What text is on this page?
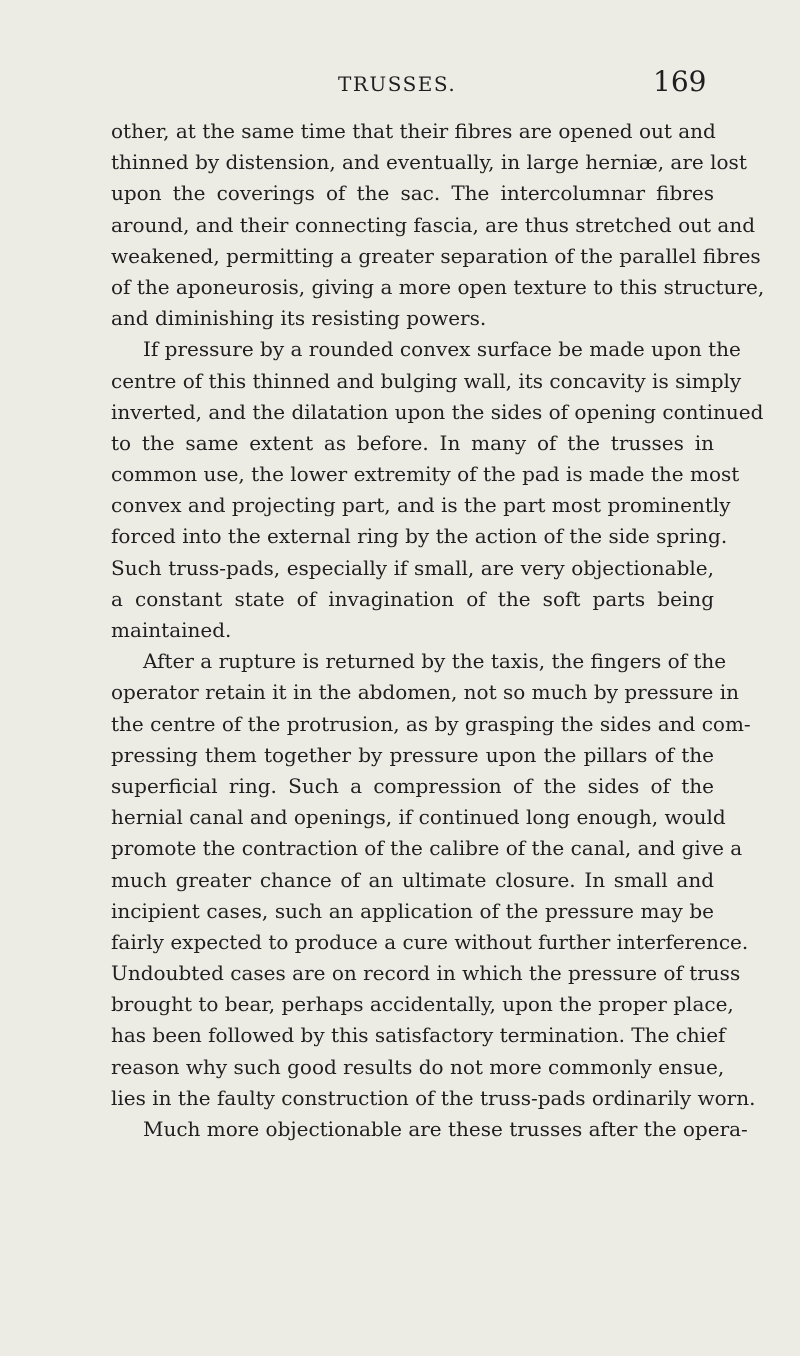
TRUSSES.	169
other, at the same time that their fibres are opened out and
thinned by distension, and eventually, in large herniæ, are lost
upon the coverings of the sac. The intercolumnar fibres
around, and their connecting fascia, are thus stretched out and
weakened, permitting a greater separation of the parallel fibres
of the aponeurosis, giving a more open texture to this structure,
and diminishing its resisting powers.
If pressure by a rounded convex surface be made upon the
centre of this thinned and bulging wall, its concavity is simply
inverted, and the dilatation upon the sides of opening continued
to the same extent as before. In many of the trusses in
common use, the lower extremity of the pad is made the most
convex and projecting part, and is the part most prominently
forced into the external ring by the action of the side spring.
Such truss-pads, especially if small, are very objectionable,
a constant state of invagination of the soft parts being
maintained.
After a rupture is returned by the taxis, the fingers of the
operator retain it in the abdomen, not so much by pressure in
the centre of the protrusion, as by grasping the sides and com-
pressing them together by pressure upon the pillars of the
superficial ring. Such a compression of the sides of the
hernial canal and openings, if continued long enough, would
promote the contraction of the calibre of the canal, and give a
much greater chance of an ultimate closure. In small and
incipient cases, such an application of the pressure may be
fairly expected to produce a cure without further interference.
Undoubted cases are on record in which the pressure of truss
brought to bear, perhaps accidentally, upon the proper place,
has been followed by this satisfactory termination. The chief
reason why such good results do not more commonly ensue,
lies in the faulty construction of the truss-pads ordinarily worn.
Much more objectionable are these trusses after the opera-
